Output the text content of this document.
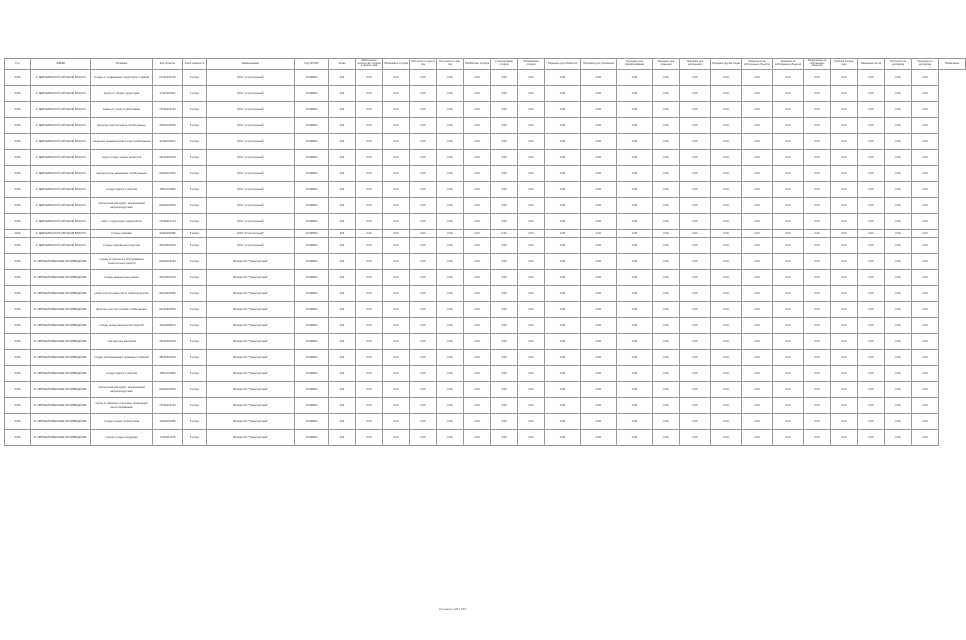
Год	ОКВЭД	Описание	Код субъекта	Класс опасности	Наименование	Код ОКТМО	Орган	Фактическое количество отходов в начале года	Образовано отходов	Поступило от других лиц	Поступило от физ. лиц	Обработано отходов	Утилизировано отходов	Обезврежено отходов	Передано для обработки	Передано для утилизации	Передано для обезвреживания	Передано для хранения	Передано для захоронения	Передано другим лицам	Размещено на собственных объектах	Хранение на собственных объектах	Захоронение на собственных объектах	Наличие в конце года	Изменение за год	Поступило по договорам	Передано по договорам	Примечание
2016	А. ДЕЯТЕЛЬНОСТЬ ОРГАНОВ ВЛАСТИ	отходы от содержания территории и зданий	07130101721	4 класс	ООО "Строительный"	14708000	346	0,00	0,00	0,00	0,00	0,00	0,00	0,00	0,00	0,00	0,00	0,00	0,00	0,00	0,00	0,00	0,00	0,00	0,00	0,00	0,00	
2016	А. ДЕЯТЕЛЬНОСТЬ ОРГАНОВ ВЛАСТИ	мусор от уборки территории	47110101521	1 класс	ООО "Строительный"	14708000	346	0,00	0,00	0,00	0,00	0,00	0,00	0,00	0,00	0,00	0,00	0,00	0,00	0,00	0,00	0,00	0,00	0,00	0,00	0,00	0,00	
2016	А. ДЕЯТЕЛЬНОСТЬ ОРГАНОВ ВЛАСТИ	лампы ртутные отработанные	73310001724	4 класс	ООО "Строительный"	14708000	346	0,00	0,00	0,00	0,00	0,00	0,00	0,00	0,00	0,00	0,00	0,00	0,00	0,00	0,00	0,00	0,00	0,00	0,00	0,00	0,00	
2016	А. ДЕЯТЕЛЬНОСТЬ ОРГАНОВ ВЛАСТИ	фильтры очистки масла отработанные	43810102525	5 класс	ООО "Строительный"	14708000	346	0,00	0,00	0,00	0,00	0,00	0,00	0,00	0,00	0,00	0,00	0,00	0,00	0,00	0,00	0,00	0,00	0,00	0,00	0,00	0,00	
2016	А. ДЕЯТЕЛЬНОСТЬ ОРГАНОВ ВЛАСТИ	покрышки пневматических шин отработанные	92111001504	4 класс	ООО "Строительный"	14708000	346	0,00	0,00	0,00	0,00	0,00	0,00	0,00	0,00	0,00	0,00	0,00	0,00	0,00	0,00	0,00	0,00	0,00	0,00	0,00	0,00	
2016	А. ДЕЯТЕЛЬНОСТЬ ОРГАНОВ ВЛАСТИ	лом и отходы черных металлов	46101001205	5 класс	ООО "Строительный"	14708000	346	0,00	0,00	0,00	0,00	0,00	0,00	0,00	0,00	0,00	0,00	0,00	0,00	0,00	0,00	0,00	0,00	0,00	0,00	0,00	0,00	
2016	А. ДЕЯТЕЛЬНОСТЬ ОРГАНОВ ВЛАСТИ	аккумуляторы свинцовые отработанные	92011001532	2 класс	ООО "Строительный"	14708000	346	0,00	0,00	0,00	0,00	0,00	0,00	0,00	0,00	0,00	0,00	0,00	0,00	0,00	0,00	0,00	0,00	0,00	0,00	0,00	0,00	
2016	А. ДЕЯТЕЛЬНОСТЬ ОРГАНОВ ВЛАСТИ	отходы бумаги и картона	40511101605	5 класс	ООО "Строительный"	14708000	346	0,00	0,00	0,00	0,00	0,00	0,00	0,00	0,00	0,00	0,00	0,00	0,00	0,00	0,00	0,00	0,00	0,00	0,00	0,00	0,00	
2016	А. ДЕЯТЕЛЬНОСТЬ ОРГАНОВ ВЛАСТИ	обтирочный материал, загрязненный нефтепродуктами	91920401603	3 класс	ООО "Строительный"	14708000	346	0,00	0,00	0,00	0,00	0,00	0,00	0,00	0,00	0,00	0,00	0,00	0,00	0,00	0,00	0,00	0,00	0,00	0,00	0,00	0,00	
2016	А. ДЕЯТЕЛЬНОСТЬ ОРГАНОВ ВЛАСТИ	смет с территории предприятия	73339001714	4 класс	ООО "Строительный"	14708000	346	0,00	0,00	0,00	0,00	0,00	0,00	0,00	0,00	0,00	0,00	0,00	0,00	0,00	0,00	0,00	0,00	0,00	0,00	0,00	0,00	
2016	А. ДЕЯТЕЛЬНОСТЬ ОРГАНОВ ВЛАСТИ	отходы упаковки	43411002295	5 класс	ООО "Строительный"	14708000	346	0,00	0,00	0,00	0,00	0,00	0,00	0,00	0,00	0,00	0,00	0,00	0,00	0,00	0,00	0,00	0,00	0,00	0,00	0,00	0,00	
2016	А. ДЕЯТЕЛЬНОСТЬ ОРГАНОВ ВЛАСТИ	отходы упаковочного картона	40518301605	5 класс	ООО "Строительный"	14708000	346	0,00	0,00	0,00	0,00	0,00	0,00	0,00	0,00	0,00	0,00	0,00	0,00	0,00	0,00	0,00	0,00	0,00	0,00	0,00	0,00	
2016	В. ОБРАБАТЫВАЮЩИЕ ПРОИЗВОДСТВА	отходы от ремонта и обслуживания транспортных средств	91920102394	3 класс	Филиал АО "Транспортный"	14708000	346	0,00	0,00	0,00	0,00	0,00	0,00	0,00	0,00	0,00	0,00	0,00	0,00	0,00	0,00	0,00	0,00	0,00	0,00	0,00	0,00	
2016	В. ОБРАБАТЫВАЮЩИЕ ПРОИЗВОДСТВА	отходы минеральных масел	40613001313	3 класс	Филиал АО "Транспортный"	14708000	346	0,00	0,00	0,00	0,00	0,00	0,00	0,00	0,00	0,00	0,00	0,00	0,00	0,00	0,00	0,00	0,00	0,00	0,00	0,00	0,00	
2016	В. ОБРАБАТЫВАЮЩИЕ ПРОИЗВОДСТВА	шлам очистки емкостей от нефтепродуктов	91120002393	3 класс	Филиал АО "Транспортный"	14708000	346	0,00	0,00	0,00	0,00	0,00	0,00	0,00	0,00	0,00	0,00	0,00	0,00	0,00	0,00	0,00	0,00	0,00	0,00	0,00	0,00	
2016	В. ОБРАБАТЫВАЮЩИЕ ПРОИЗВОДСТВА	фильтры очистки топлива отработанные	92130302523	3 класс	Филиал АО "Транспортный"	14708000	346	0,00	0,00	0,00	0,00	0,00	0,00	0,00	0,00	0,00	0,00	0,00	0,00	0,00	0,00	0,00	0,00	0,00	0,00	0,00	0,00	
2016	В. ОБРАБАТЫВАЮЩИЕ ПРОИЗВОДСТВА	отходы резинотехнических изделий	43114099514	4 класс	Филиал АО "Транспортный"	14708000	346	0,00	0,00	0,00	0,00	0,00	0,00	0,00	0,00	0,00	0,00	0,00	0,00	0,00	0,00	0,00	0,00	0,00	0,00	0,00	0,00	
2016	В. ОБРАБАТЫВАЮЩИЕ ПРОИЗВОДСТВА	лом цветных металлов	46220001205	5 класс	Филиал АО "Транспортный"	14708000	346	0,00	0,00	0,00	0,00	0,00	0,00	0,00	0,00	0,00	0,00	0,00	0,00	0,00	0,00	0,00	0,00	0,00	0,00	0,00	0,00	
2016	В. ОБРАБАТЫВАЮЩИЕ ПРОИЗВОДСТВА	отходы изолированных проводов и кабелей	48230201525	5 класс	Филиал АО "Транспортный"	14708000	346	0,00	0,00	0,00	0,00	0,00	0,00	0,00	0,00	0,00	0,00	0,00	0,00	0,00	0,00	0,00	0,00	0,00	0,00	0,00	0,00	
2016	В. ОБРАБАТЫВАЮЩИЕ ПРОИЗВОДСТВА	отходы бумаги и картона	40511101605	5 класс	Филиал АО "Транспортный"	14708000	346	0,00	0,00	0,00	0,00	0,00	0,00	0,00	0,00	0,00	0,00	0,00	0,00	0,00	0,00	0,00	0,00	0,00	0,00	0,00	0,00	
2016	В. ОБРАБАТЫВАЮЩИЕ ПРОИЗВОДСТВА	обтирочный материал, загрязненный нефтепродуктами	91920401603	3 класс	Филиал АО "Транспортный"	14708000	346	0,00	0,00	0,00	0,00	0,00	0,00	0,00	0,00	0,00	0,00	0,00	0,00	0,00	0,00	0,00	0,00	0,00	0,00	0,00	0,00	
2016	В. ОБРАБАТЫВАЮЩИЕ ПРОИЗВОДСТВА	мусор от офисных и бытовых помещений несортированный	73310001724	4 класс	Филиал АО "Транспортный"	14708000	346	0,00	0,00	0,00	0,00	0,00	0,00	0,00	0,00	0,00	0,00	0,00	0,00	0,00	0,00	0,00	0,00	0,00	0,00	0,00	0,00	
2016	В. ОБРАБАТЫВАЮЩИЕ ПРОИЗВОДСТВА	отходы пленки полиэтилена	43411002295	5 класс	Филиал АО "Транспортный"	14708000	346	0,00	0,00	0,00	0,00	0,00	0,00	0,00	0,00	0,00	0,00	0,00	0,00	0,00	0,00	0,00	0,00	0,00	0,00	0,00	0,00	
2016	В. ОБРАБАТЫВАЮЩИЕ ПРОИЗВОДСТВА	прочие отходы продукции	74191111725	5 класс	Филиал АО "Транспортный"	14708000	346	0,00	0,00	0,00	0,00	0,00	0,00	0,00	0,00	0,00	0,00	0,00	0,00	0,00	0,00	0,00	0,00	0,00	0,00	0,00	0,00	
Страница 129 / 134
